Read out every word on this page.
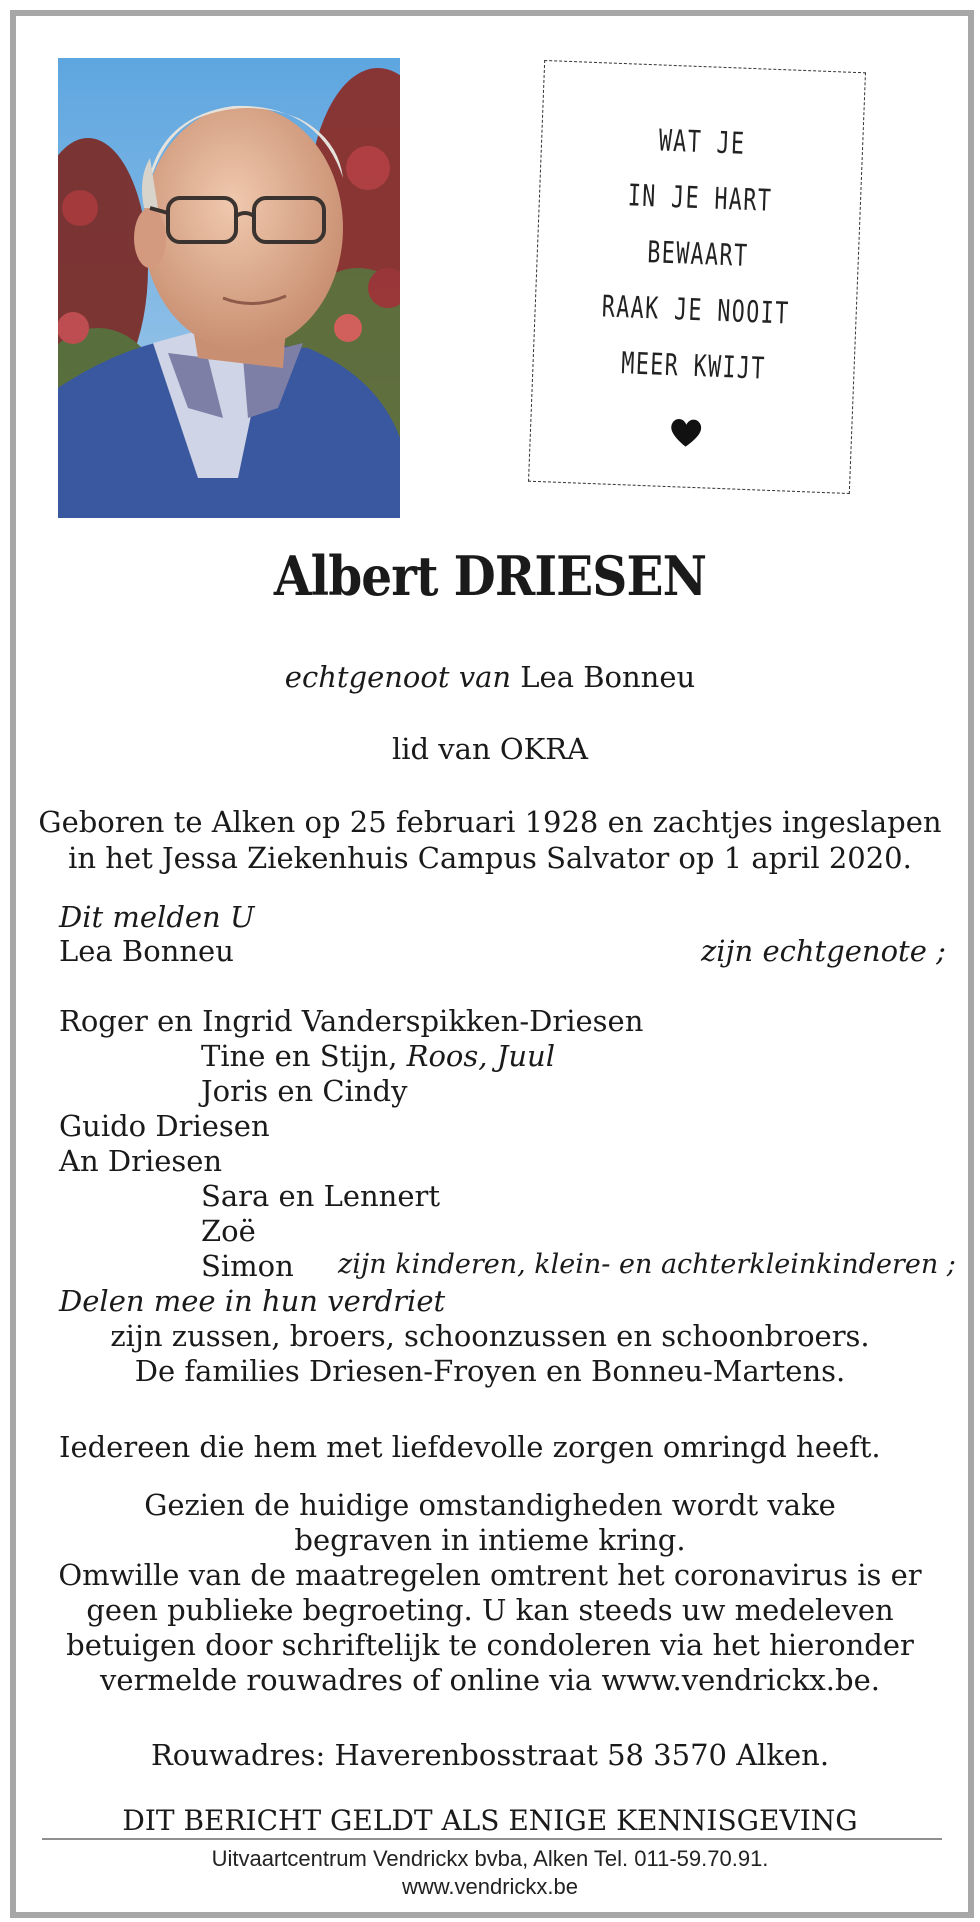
WAT JE
IN JE HART
BEWAART
RAAK JE NOOIT
MEER KWIJT
Albert DRIESEN
echtgenoot van Lea Bonneu
lid van OKRA
Geboren te Alken op 25 februari 1928 en zachtjes ingeslapen
in het Jessa Ziekenhuis Campus Salvator op 1 april 2020.
Dit melden U
Lea Bonneu	zijn echtgenote ;
Roger en Ingrid Vanderspikken-Driesen
Tine en Stijn, Roos, Juul
Joris en Cindy
Guido Driesen
An Driesen
Sara en Lennert
Zoë
Simon zijn kinderen, klein- en achterkleinkinderen ;
Delen mee in hun verdriet
zijn zussen, broers, schoonzussen en schoonbroers.
De families Driesen-Froyen en Bonneu-Martens.
Iedereen die hem met liefdevolle zorgen omringd heeft.
Gezien de huidige omstandigheden wordt vake
begraven in intieme kring.
Omwille van de maatregelen omtrent het coronavirus is er
geen publieke begroeting. U kan steeds uw medeleven
betuigen door schriftelijk te condoleren via het hieronder
vermelde rouwadres of online via www.vendrickx.be.
Rouwadres: Haverenbosstraat 58 3570 Alken.
DIT BERICHT GELDT ALS ENIGE KENNISGEVING
Uitvaartcentrum Vendrickx bvba, Alken Tel. 011-59.70.91.
www.vendrickx.be
